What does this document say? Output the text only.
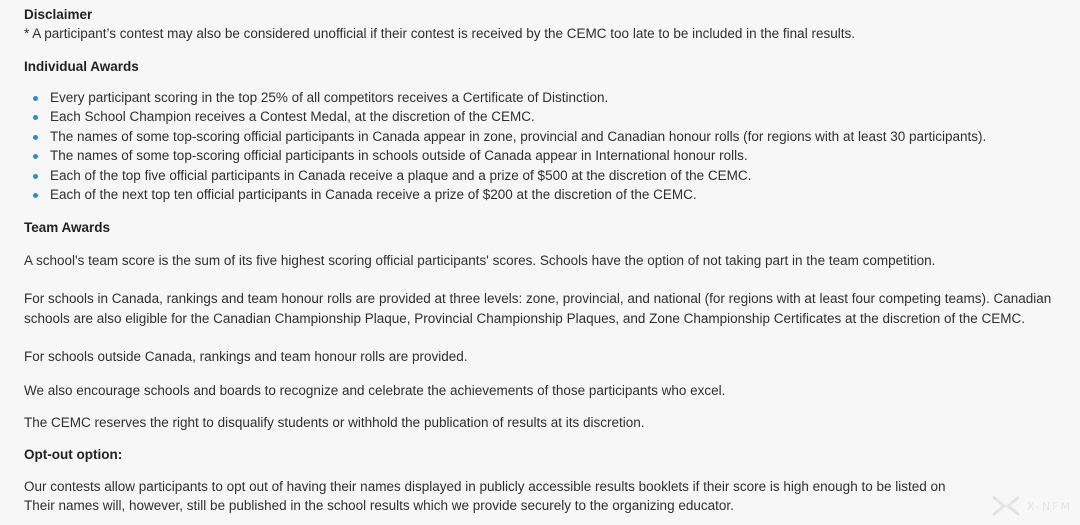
Disclaimer
* A participant’s contest may also be considered unofficial if their contest is received by the CEMC too late to be included in the final results.
Individual Awards
Every participant scoring in the top 25% of all competitors receives a Certificate of Distinction.
Each School Champion receives a Contest Medal, at the discretion of the CEMC.
The names of some top-scoring official participants in Canada appear in zone, provincial and Canadian honour rolls (for regions with at least 30 participants).
The names of some top-scoring official participants in schools outside of Canada appear in International honour rolls.
Each of the top five official participants in Canada receive a plaque and a prize of $500 at the discretion of the CEMC.
Each of the next top ten official participants in Canada receive a prize of $200 at the discretion of the CEMC.
Team Awards
A school's team score is the sum of its five highest scoring official participants' scores. Schools have the option of not taking part in the team competition.
For schools in Canada, rankings and team honour rolls are provided at three levels: zone, provincial, and national (for regions with at least four competing teams). Canadian
schools are also eligible for the Canadian Championship Plaque, Provincial Championship Plaques, and Zone Championship Certificates at the discretion of the CEMC.
For schools outside Canada, rankings and team honour rolls are provided.
We also encourage schools and boards to recognize and celebrate the achievements of those participants who excel.
The CEMC reserves the right to disqualify students or withhold the publication of results at its discretion.
Opt-out option:
Our contests allow participants to opt out of having their names displayed in publicly accessible results booklets if their score is high enough to be listed on
Their names will, however, still be published in the school results which we provide securely to the organizing educator.	X-NFM
